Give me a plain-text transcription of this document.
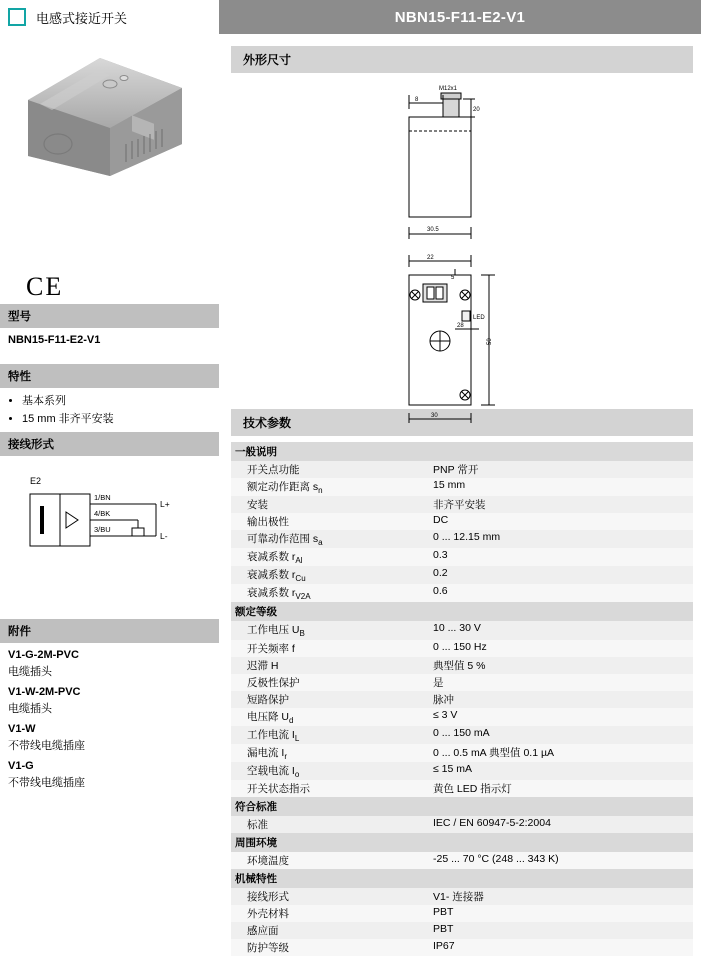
电感式接近开关	NBN15-F11-E2-V1
CE
型号
NBN15-F11-E2-V1
特性
• 基本系列
• 15 mm 非齐平安装
接线形式
E2
1/BN
4/BK
3/BU
L+
L-
附件
V1-G-2M-PVC
电缆插头
V1-W-2M-PVC
电缆插头
V1-W
不带线电缆插座
V1-G
不带线电缆插座
外形尺寸
M12x1
8
20
30.5
LED
22
50
28
5
30
技术参数
一般说明	
开关点功能	PNP 常开
额定动作距离 $s_n$	15 mm
安装	非齐平安装
输出极性	DC
可靠动作范围 $s_a$	0 ... 12.15 mm
衰减系数 $r_{Al}$	0.3
衰减系数 $r_{Cu}$	0.2
衰减系数 $r_{V2A}$	0.6
额定等级	
工作电压 $U_B$	10 ... 30 V
开关频率 f	0 ... 150 Hz
迟滞 H	典型值 5 %
反极性保护	是
短路保护	脉冲
电压降 $U_d$	≤ 3 V
工作电流 $I_L$	0 ... 150 mA
漏电流 $I_r$	0 ... 0.5 mA 典型值 0.1 µA
空载电流 $I_o$	≤ 15 mA
开关状态指示	黄色 LED 指示灯
符合标准	
标准	IEC / EN 60947-5-2:2004
周围环境	
环境温度	-25 ... 70 °C (248 ... 343 K)
机械特性	
接线形式	V1- 连接器
外壳材料	PBT
感应面	PBT
防护等级	IP67
